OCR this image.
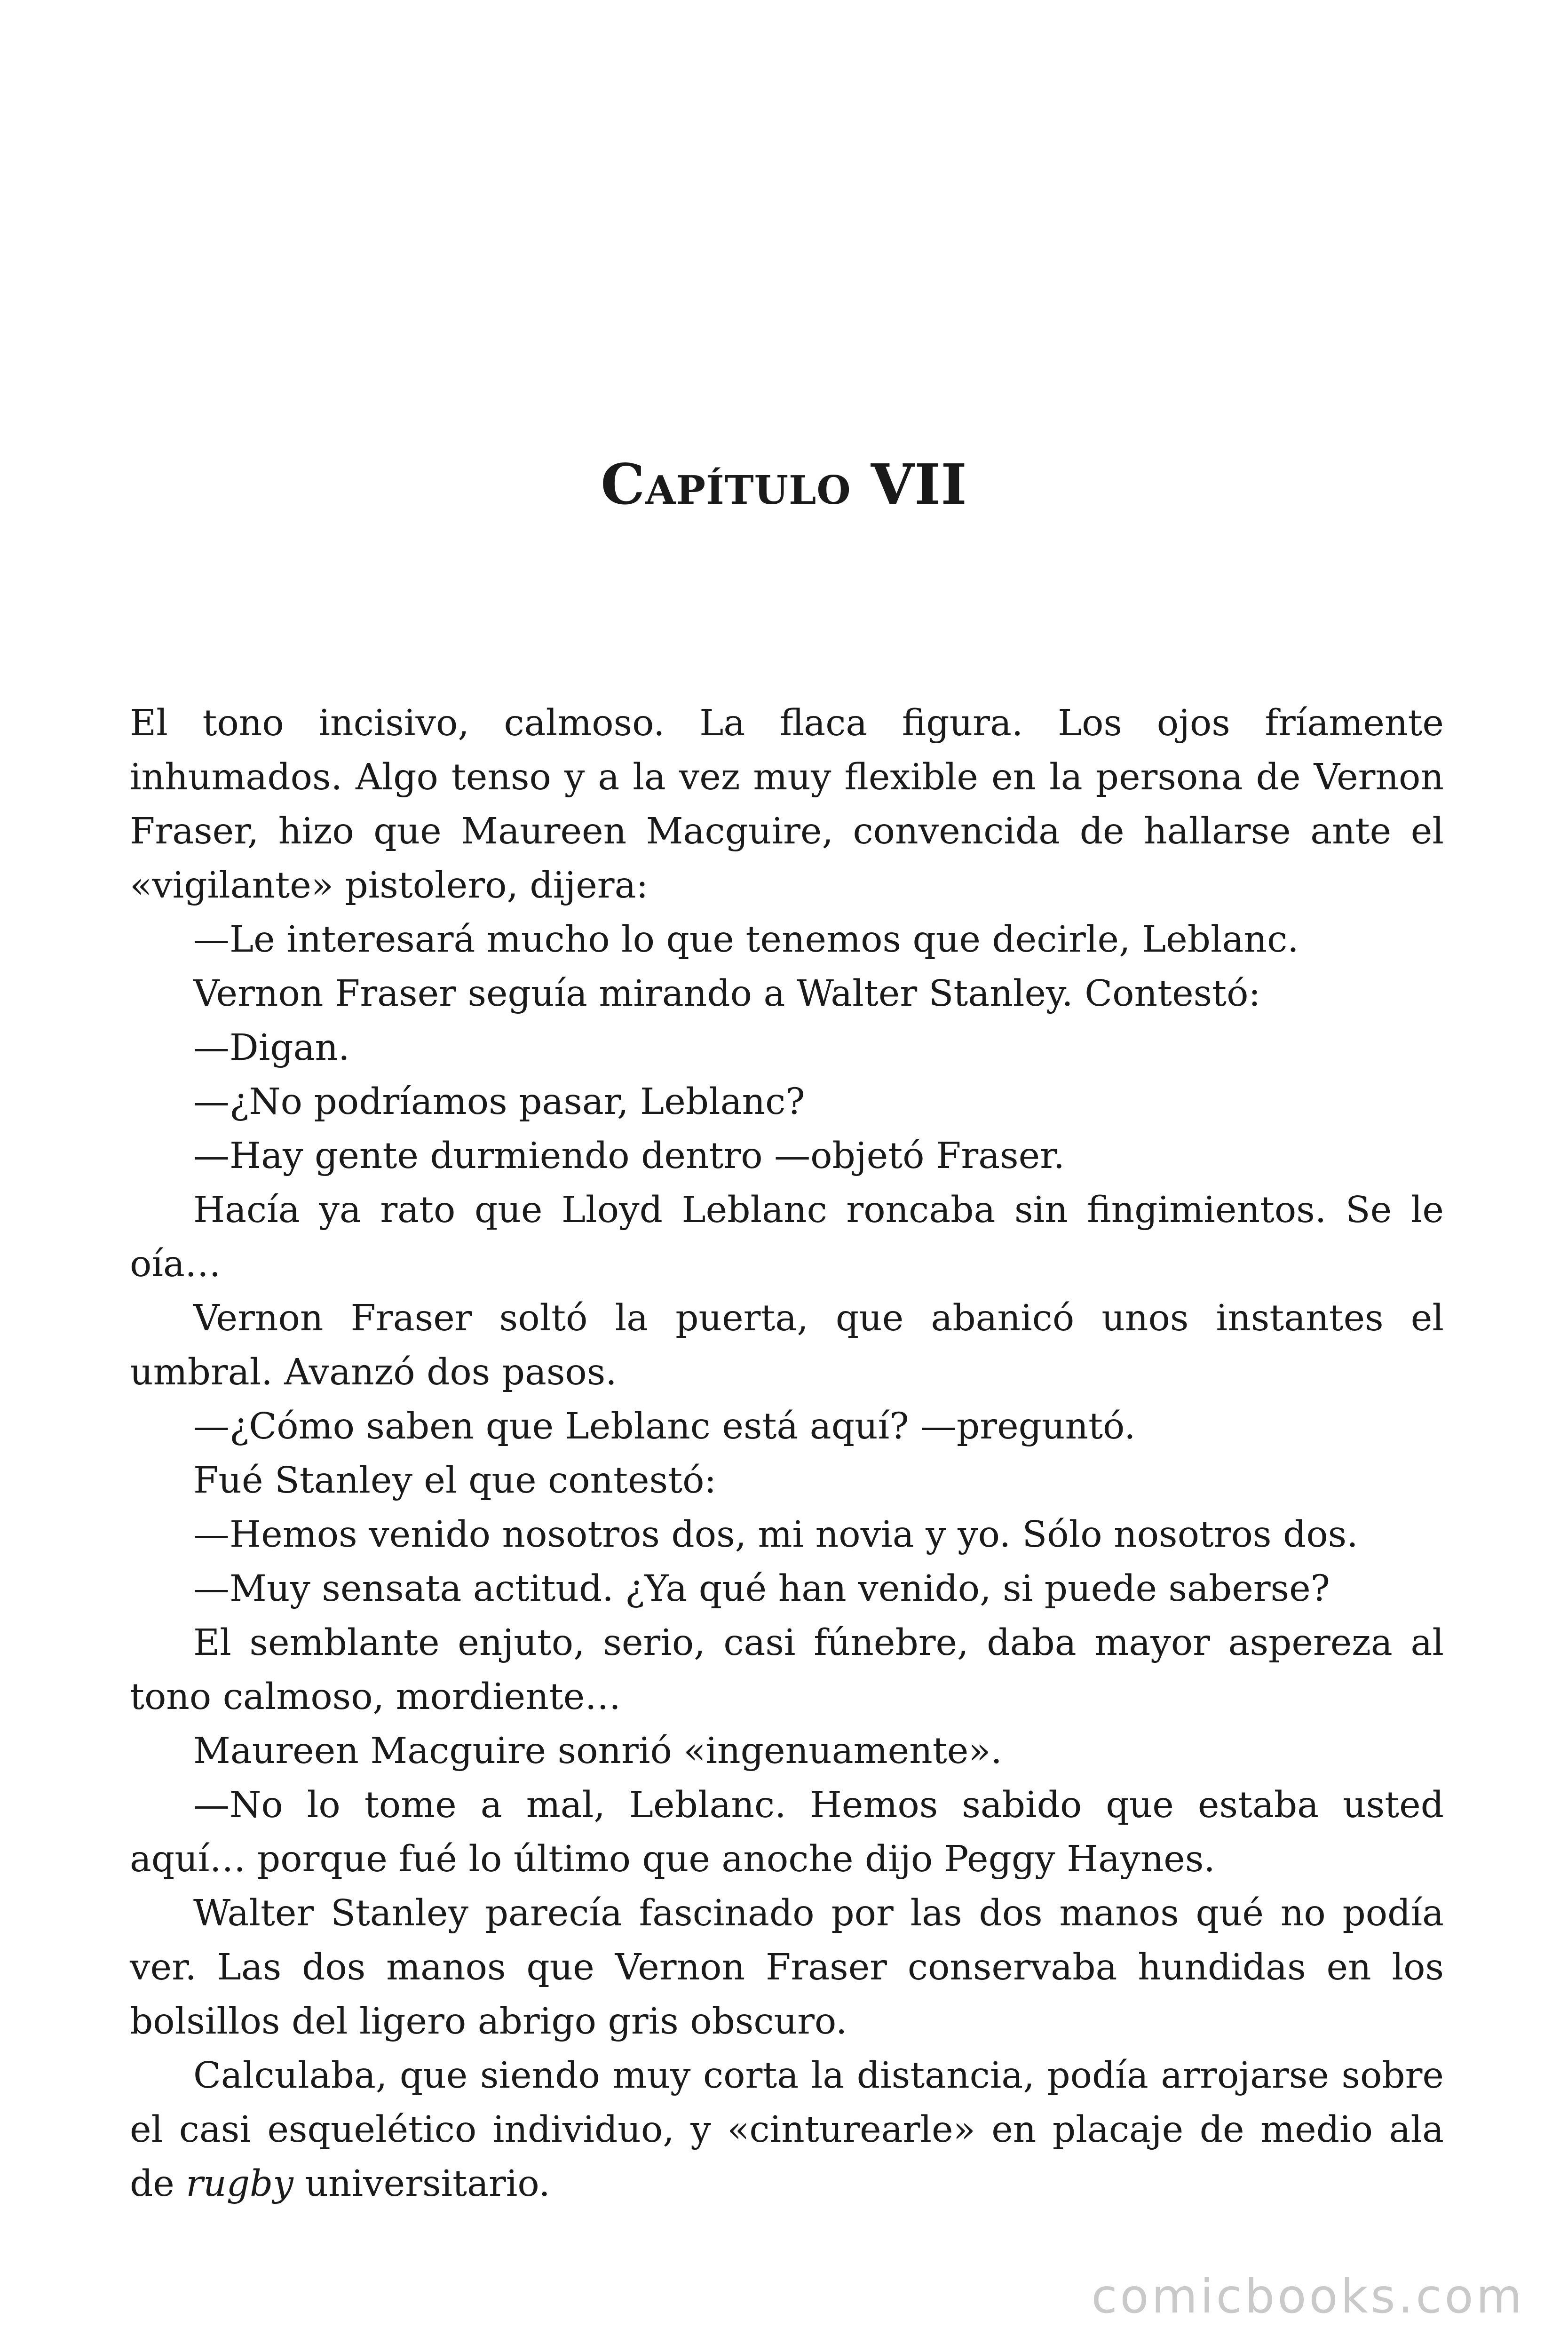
Capítulo VII

El tono incisivo, calmoso. La flaca figura. Los ojos fríamente inhumados. Algo tenso y a la vez muy flexible en la persona de Vernon Fraser, hizo que Maureen Macguire, convencida de hallarse ante el «vigilante» pistolero, dijera:

—Le interesará mucho lo que tenemos que decirle, Leblanc.

Vernon Fraser seguía mirando a Walter Stanley. Contestó:

—Digan.

—¿No podríamos pasar, Leblanc?

—Hay gente durmiendo dentro —objetó Fraser.

Hacía ya rato que Lloyd Leblanc roncaba sin fingimientos. Se le oía…

Vernon Fraser soltó la puerta, que abanicó unos instantes el umbral. Avanzó dos pasos.

—¿Cómo saben que Leblanc está aquí? —preguntó.

Fué Stanley el que contestó:

—Hemos venido nosotros dos, mi novia y yo. Sólo nosotros dos.

—Muy sensata actitud. ¿Ya qué han venido, si puede saberse?

El semblante enjuto, serio, casi fúnebre, daba mayor aspereza al tono calmoso, mordiente…

Maureen Macguire sonrió «ingenuamente».

—No lo tome a mal, Leblanc. Hemos sabido que estaba usted aquí… porque fué lo último que anoche dijo Peggy Haynes.

Walter Stanley parecía fascinado por las dos manos qué no podía ver. Las dos manos que Vernon Fraser conservaba hundidas en los bolsillos del ligero abrigo gris obscuro.

Calculaba, que siendo muy corta la distancia, podía arrojarse sobre el casi esquelético individuo, y «cinturearle» en placaje de medio ala de rugby universitario.

comicbooks.com
